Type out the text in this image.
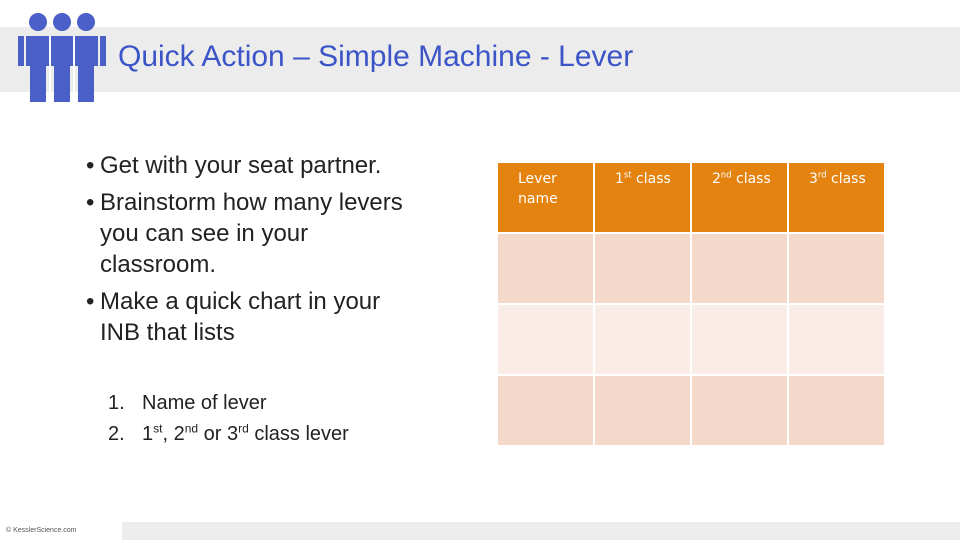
Quick Action – Simple Machine - Lever
• Get with your seat partner.
• Brainstorm how many levers you can see in your classroom.
• Make a quick chart in your INB that lists
1. Name of lever
2. 1st, 2nd or 3rd class lever
Lever
name	1st class	2nd class	3rd class

© KesslerScience.com
